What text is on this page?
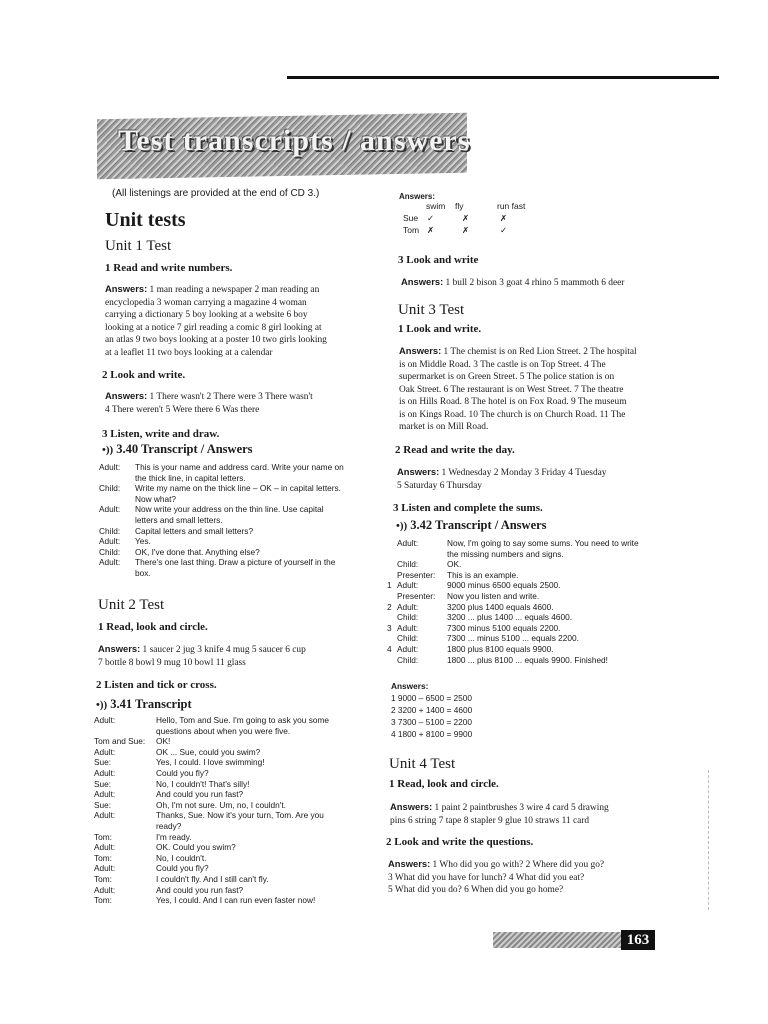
Test transcripts / answers
(All listenings are provided at the end of CD 3.)
Unit tests
Unit 1 Test
1 Read and write numbers.
Answers: 1 man reading a newspaper 2 man reading an
encyclopedia 3 woman carrying a magazine 4 woman
carrying a dictionary 5 boy looking at a website 6 boy
looking at a notice 7 girl reading a comic 8 girl looking at
an atlas 9 two boys looking at a poster 10 two girls looking
at a leaflet 11 two boys looking at a calendar
2 Look and write.
Answers: 1 There wasn't 2 There were 3 There wasn't
4 There weren't 5 Were there 6 Was there
3 Listen, write and draw.
•)) 3.40 Transcript / Answers
Adult:	This is your name and address card. Write your name on
the thick line, in capital letters.
Child:	Write my name on the thick line – OK – in capital letters.
Now what?
Adult:	Now write your address on the thin line. Use capital
letters and small letters.
Child:	Capital letters and small letters?
Adult:	Yes.
Child:	OK, I've done that. Anything else?
Adult:	There's one last thing. Draw a picture of yourself in the
box.
Unit 2 Test
1 Read, look and circle.
Answers: 1 saucer 2 jug 3 knife 4 mug 5 saucer 6 cup
7 bottle 8 bowl 9 mug 10 bowl 11 glass
2 Listen and tick or cross.
•)) 3.41 Transcript
Adult:	Hello, Tom and Sue. I'm going to ask you some
questions about when you were five.
Tom and Sue:	OK!
Adult:	OK ... Sue, could you swim?
Sue:	Yes, I could. I love swimming!
Adult:	Could you fly?
Sue:	No, I couldn't! That's silly!
Adult:	And could you run fast?
Sue:	Oh, I'm not sure. Um, no, I couldn't.
Adult:	Thanks, Sue. Now it's your turn, Tom. Are you
ready?
Tom:	I'm ready.
Adult:	OK. Could you swim?
Tom:	No, I couldn't.
Adult:	Could you fly?
Tom:	I couldn't fly. And I still can't fly.
Adult:	And could you run fast?
Tom:	Yes, I could. And I can run even faster now!
Answers:
swim fly	run fast
Sue ✓	✗	✗
Tom ✗	✗	✓
3 Look and write
Answers: 1 bull 2 bison 3 goat 4 rhino 5 mammoth 6 deer
Unit 3 Test
1 Look and write.
Answers: 1 The chemist is on Red Lion Street. 2 The hospital
is on Middle Road. 3 The castle is on Top Street. 4 The
supermarket is on Green Street. 5 The police station is on
Oak Street. 6 The restaurant is on West Street. 7 The theatre
is on Hills Road. 8 The hotel is on Fox Road. 9 The museum
is on Kings Road. 10 The church is on Church Road. 11 The
market is on Mill Road.
2 Read and write the day.
Answers: 1 Wednesday 2 Monday 3 Friday 4 Tuesday
5 Saturday 6 Thursday
3 Listen and complete the sums.
•)) 3.42 Transcript / Answers
Adult:	Now, I'm going to say some sums. You need to write
the missing numbers and signs.
Child:	OK.
Presenter:	This is an example.
1 Adult:	9000 minus 6500 equals 2500.
Presenter:	Now you listen and write.
2 Adult:	3200 plus 1400 equals 4600.
Child:	3200 ... plus 1400 ... equals 4600.
3 Adult:	7300 minus 5100 equals 2200.
Child:	7300 ... minus 5100 ... equals 2200.
4 Adult:	1800 plus 8100 equals 9900.
Child:	1800 ... plus 8100 ... equals 9900. Finished!
Answers:
1 9000 – 6500 = 2500
2 3200 + 1400 = 4600
3 7300 – 5100 = 2200
4 1800 + 8100 = 9900
Unit 4 Test
1 Read, look and circle.
Answers: 1 paint 2 paintbrushes 3 wire 4 card 5 drawing
pins 6 string 7 tape 8 stapler 9 glue 10 straws 11 card
2 Look and write the questions.
Answers: 1 Who did you go with? 2 Where did you go?
3 What did you have for lunch? 4 What did you eat?
5 What did you do? 6 When did you go home?
163
